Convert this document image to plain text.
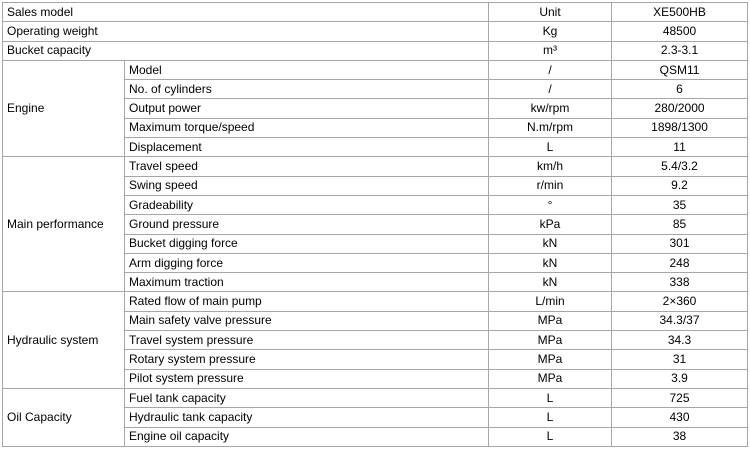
Sales model		Unit	XE500HB
Operating weight		Kg	48500
Bucket capacity		m³	2.3-3.1
Engine	Model	/	QSM11
	No. of cylinders	/	6
	Output power	kw/rpm	280/2000
	Maximum torque/speed	N.m/rpm	1898/1300
	Displacement	L	11
Main performance	Travel speed	km/h	5.4/3.2
	Swing speed	r/min	9.2
	Gradeability	°	35
	Ground pressure	kPa	85
	Bucket digging force	kN	301
	Arm digging force	kN	248
	Maximum traction	kN	338
Hydraulic system	Rated flow of main pump	L/min	2×360
	Main safety valve pressure	MPa	34.3/37
	Travel system pressure	MPa	34.3
	Rotary system pressure	MPa	31
	Pilot system pressure	MPa	3.9
Oil Capacity	Fuel tank capacity	L	725
	Hydraulic tank capacity	L	430
	Engine oil capacity	L	38
